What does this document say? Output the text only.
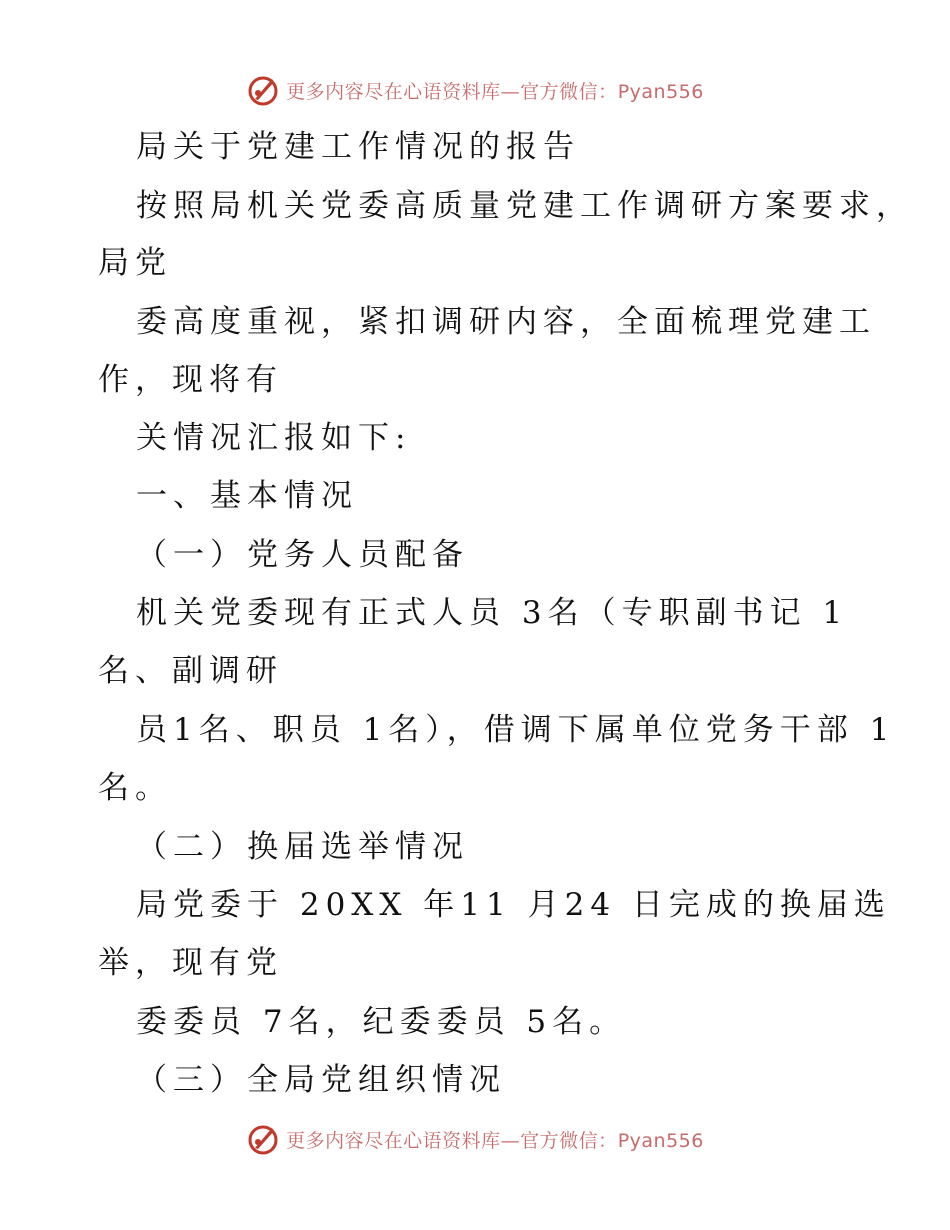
更多内容尽在心语资料库—官方微信：Pyan556
局关于党建工作情况的报告
按照局机关党委高质量党建工作调研方案要求，
局党
委高度重视，紧扣调研内容，全面梳理党建工
作，现将有
关情况汇报如下:
一、基本情况
（一）党务人员配备
机关党委现有正式人员 3名（专职副书记 1
名、副调研
员1名、职员 1名），借调下属单位党务干部 1
名。
（二）换届选举情况
局党委于 20XX 年11 月24 日完成的换届选
举，现有党
委委员 7名，纪委委员 5名。
（三）全局党组织情况
更多内容尽在心语资料库—官方微信：Pyan556
